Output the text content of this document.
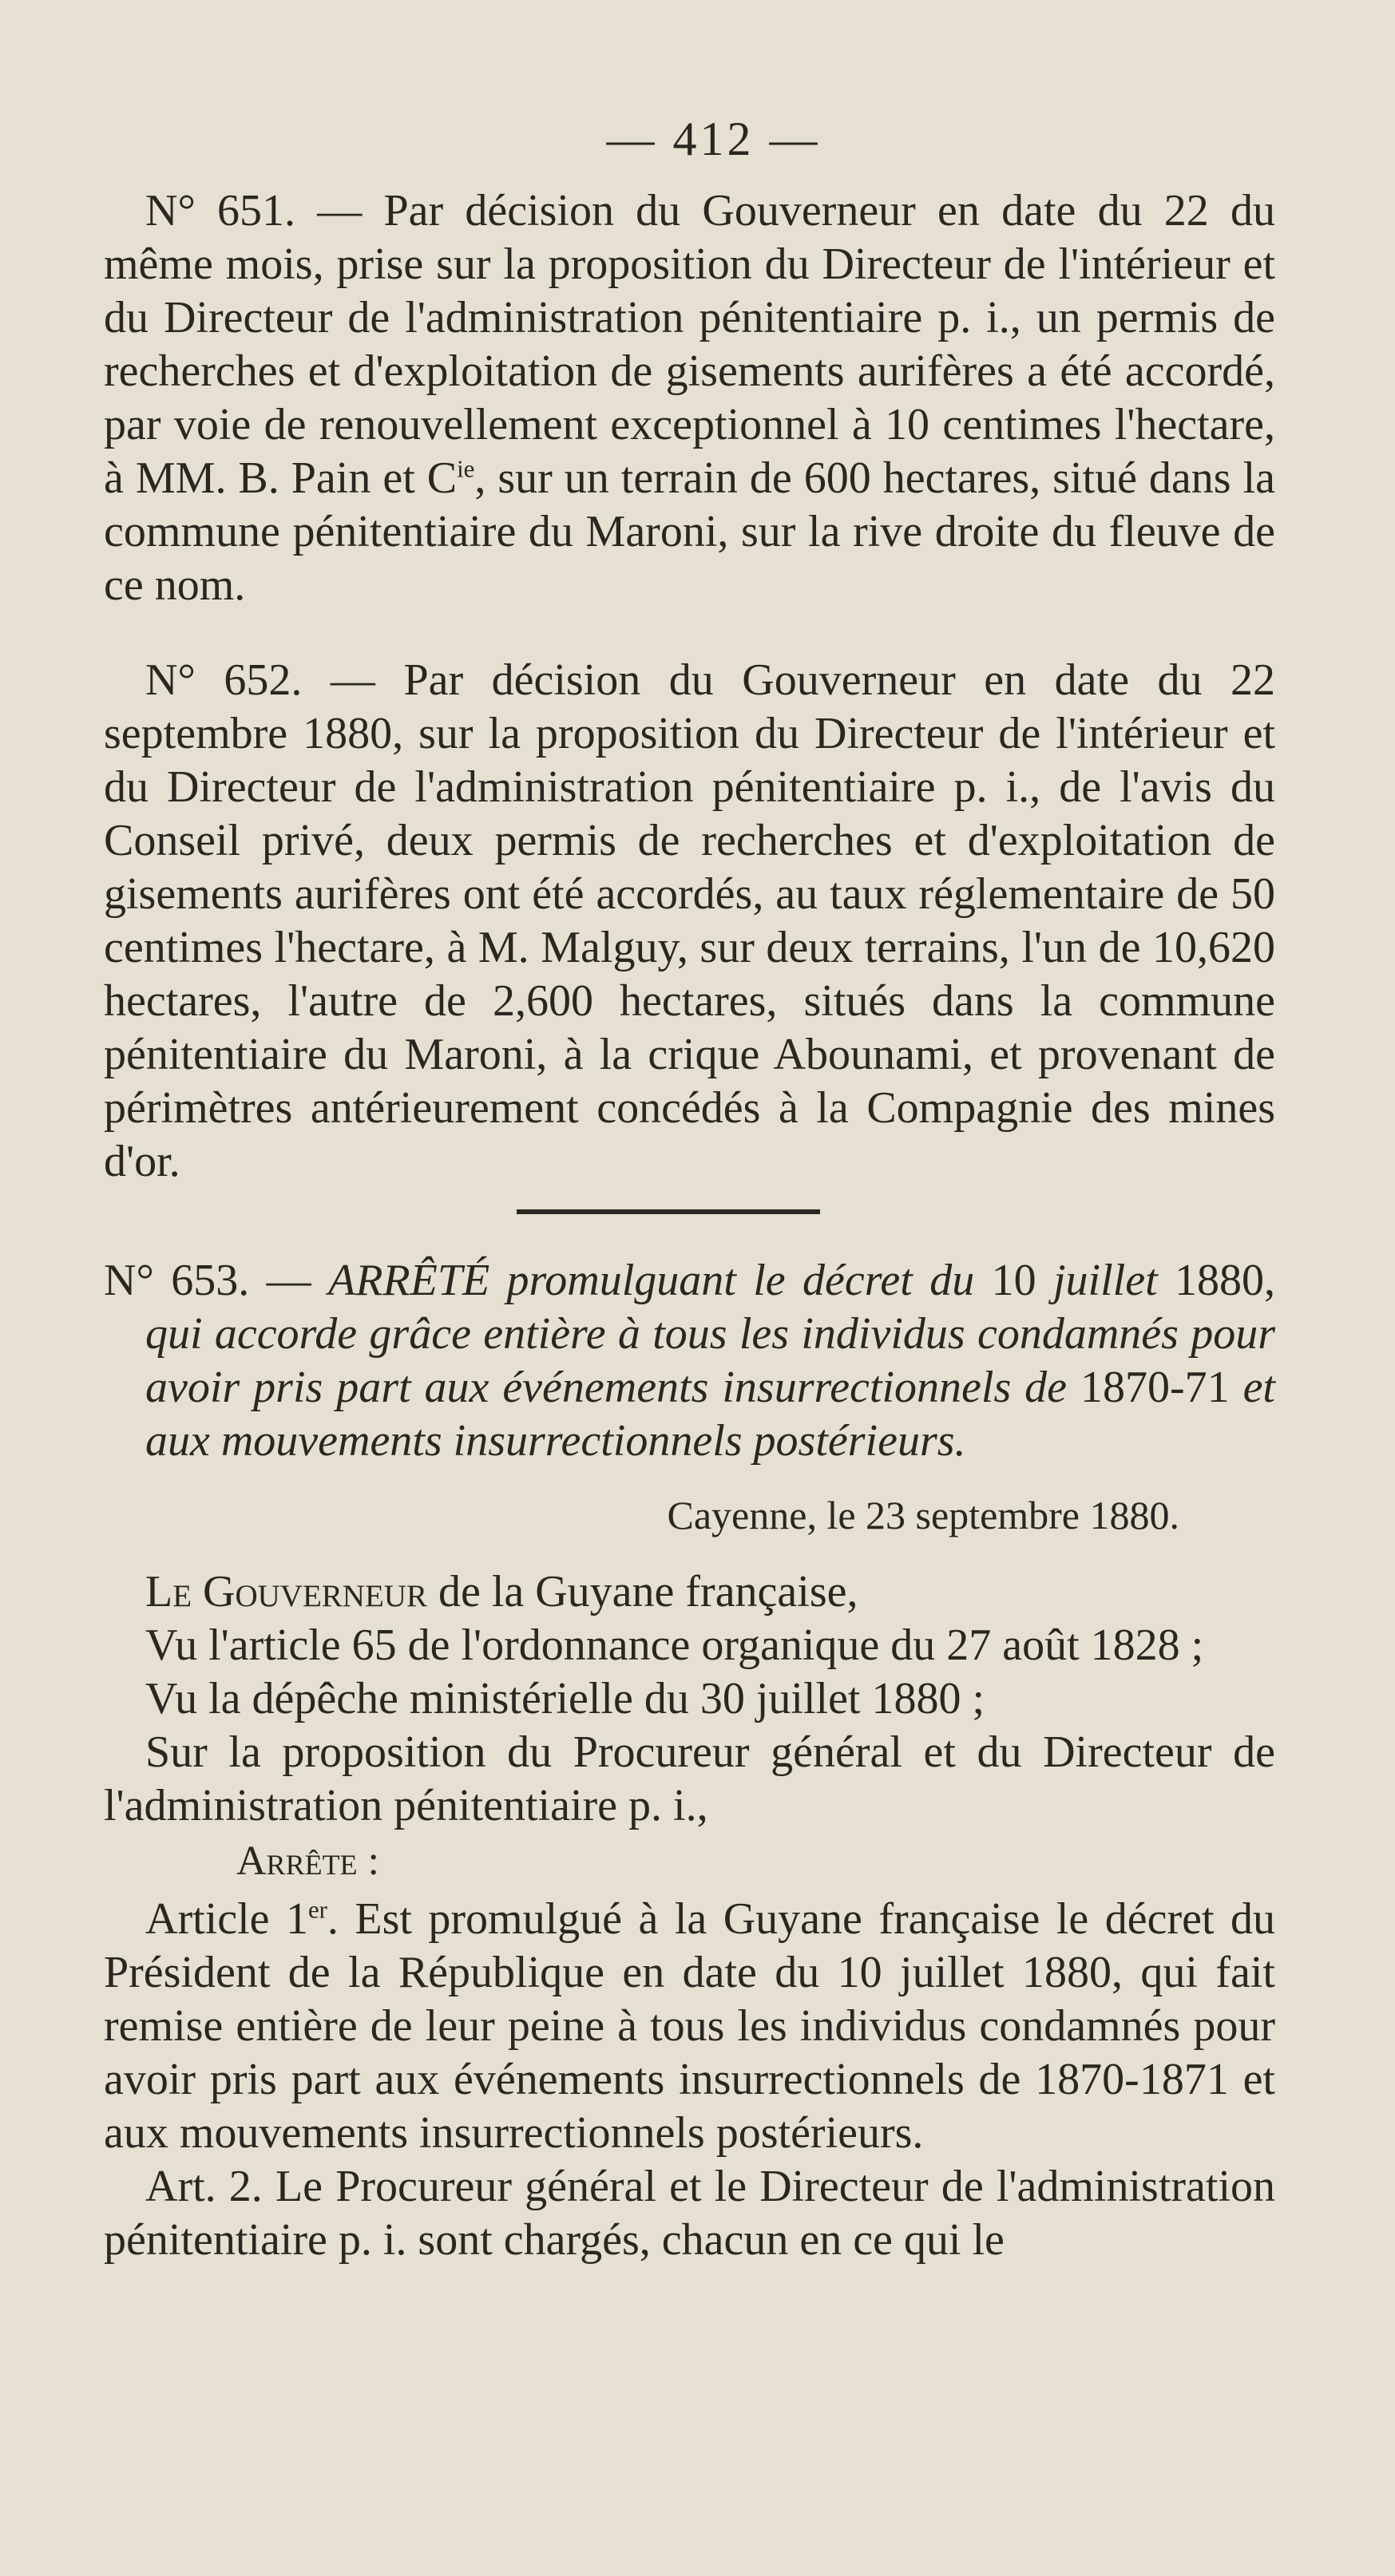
— 412 —

N° 651. — Par décision du Gouverneur en date du 22 du même mois, prise sur la proposition du Directeur de l'intérieur et du Directeur de l'administration pénitentiaire p. i., un permis de recherches et d'exploitation de gisements aurifères a été accordé, par voie de renouvellement exceptionnel à 10 centimes l'hectare, à MM. B. Pain et $C^{ie}$, sur un terrain de 600 hectares, situé dans la commune pénitentiaire du Maroni, sur la rive droite du fleuve de ce nom.

N° 652. — Par décision du Gouverneur en date du 22 septembre 1880, sur la proposition du Directeur de l'intérieur et du Directeur de l'administration pénitentiaire p. i., de l'avis du Conseil privé, deux permis de recherches et d'exploitation de gisements aurifères ont été accordés, au taux réglementaire de 50 centimes l'hectare, à M. Malguy, sur deux terrains, l'un de 10,620 hectares, l'autre de 2,600 hectares, situés dans la commune pénitentiaire du Maroni, à la crique Abounami, et provenant de périmètres antérieurement concédés à la Compagnie des mines d'or.

N° 653. — ARRÊTÉ promulguant le décret du 10 juillet 1880, qui accorde grâce entière à tous les individus condamnés pour avoir pris part aux événements insurrectionnels de 1870-71 et aux mouvements insurrectionnels postérieurs.

Cayenne, le 23 septembre 1880.

Le Gouverneur de la Guyane française,

Vu l'article 65 de l'ordonnance organique du 27 août 1828 ;

Vu la dépêche ministérielle du 30 juillet 1880 ;

Sur la proposition du Procureur général et du Directeur de l'administration pénitentiaire p. i.,

Arrête :

Article 1er. Est promulgué à la Guyane française le décret du Président de la République en date du 10 juillet 1880, qui fait remise entière de leur peine à tous les individus condamnés pour avoir pris part aux événements insurrectionnels de 1870-1871 et aux mouvements insurrectionnels postérieurs.

Art. 2. Le Procureur général et le Directeur de l'administration pénitentiaire p. i. sont chargés, chacun en ce qui le
